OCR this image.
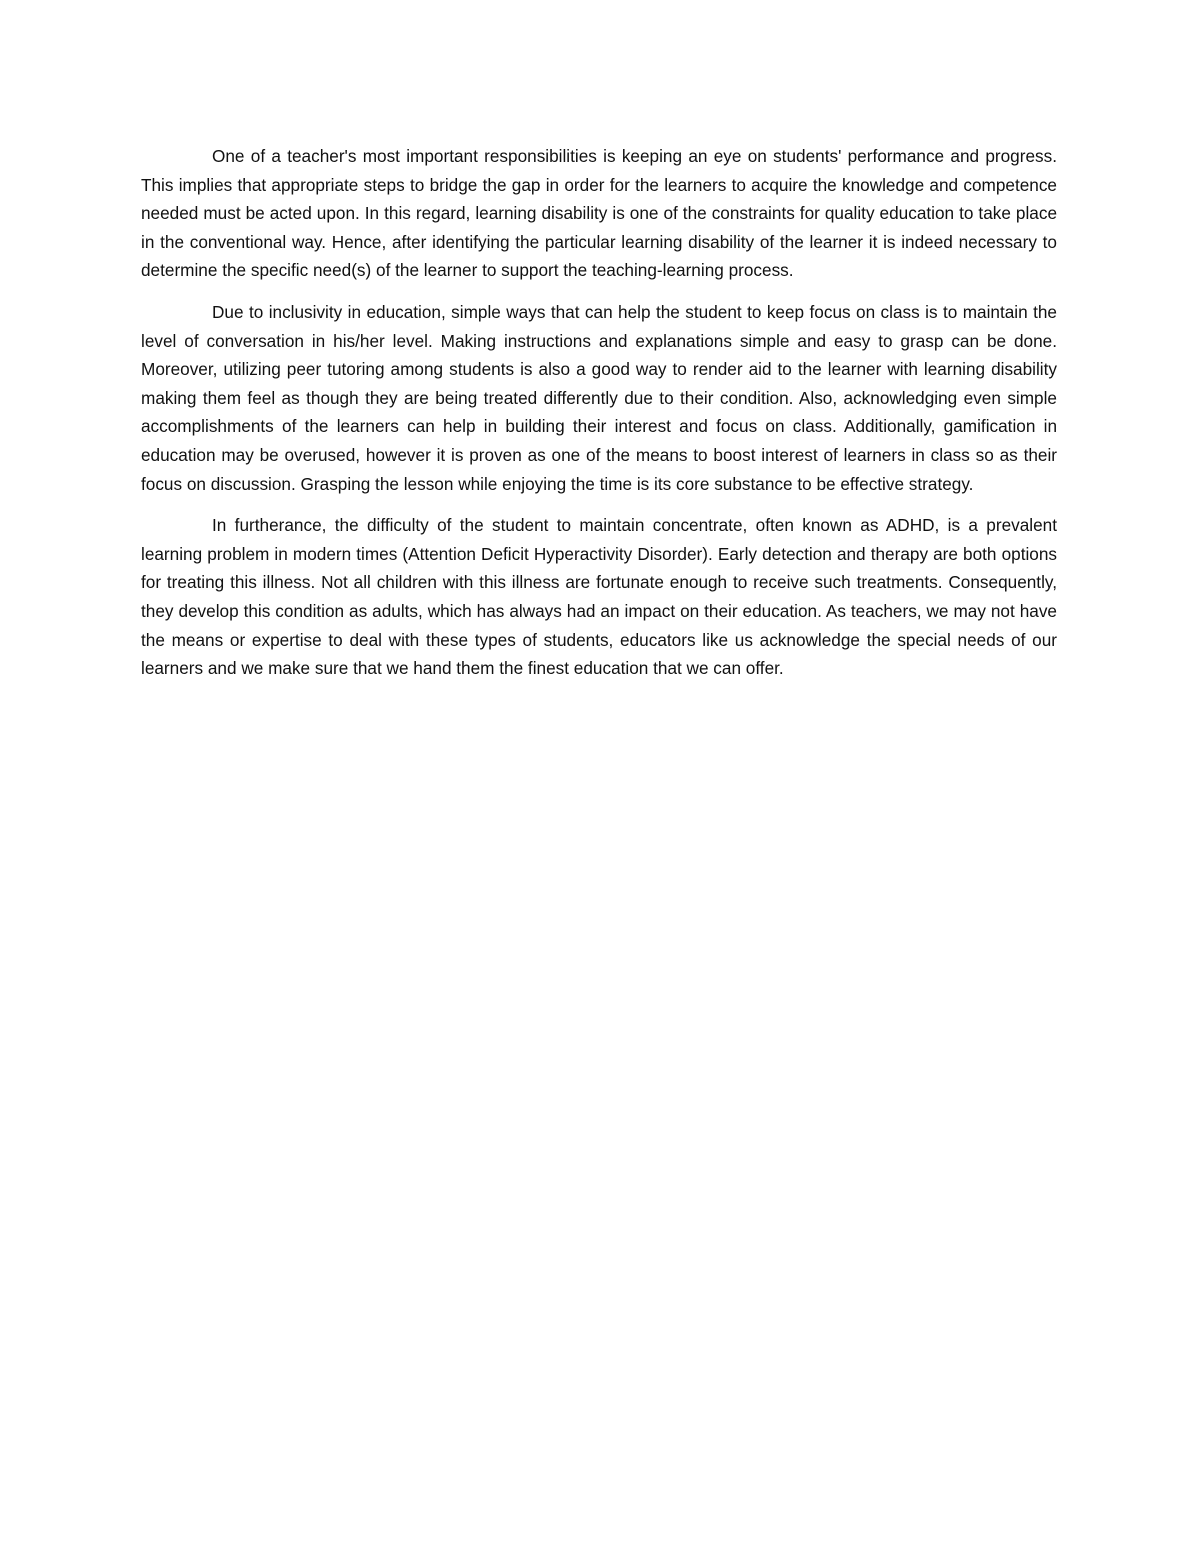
One of a teacher's most important responsibilities is keeping an eye on students' performance and progress. This implies that appropriate steps to bridge the gap in order for the learners to acquire the knowledge and competence needed must be acted upon. In this regard, learning disability is one of the constraints for quality education to take place in the conventional way. Hence, after identifying the particular learning disability of the learner it is indeed necessary to determine the specific need(s) of the learner to support the teaching-learning process.

Due to inclusivity in education, simple ways that can help the student to keep focus on class is to maintain the level of conversation in his/her level. Making instructions and explanations simple and easy to grasp can be done. Moreover, utilizing peer tutoring among students is also a good way to render aid to the learner with learning disability making them feel as though they are being treated differently due to their condition. Also, acknowledging even simple accomplishments of the learners can help in building their interest and focus on class. Additionally, gamification in education may be overused, however it is proven as one of the means to boost interest of learners in class so as their focus on discussion. Grasping the lesson while enjoying the time is its core substance to be effective strategy.

In furtherance, the difficulty of the student to maintain concentrate, often known as ADHD, is a prevalent learning problem in modern times (Attention Deficit Hyperactivity Disorder). Early detection and therapy are both options for treating this illness. Not all children with this illness are fortunate enough to receive such treatments. Consequently, they develop this condition as adults, which has always had an impact on their education. As teachers, we may not have the means or expertise to deal with these types of students, educators like us acknowledge the special needs of our learners and we make sure that we hand them the finest education that we can offer.
